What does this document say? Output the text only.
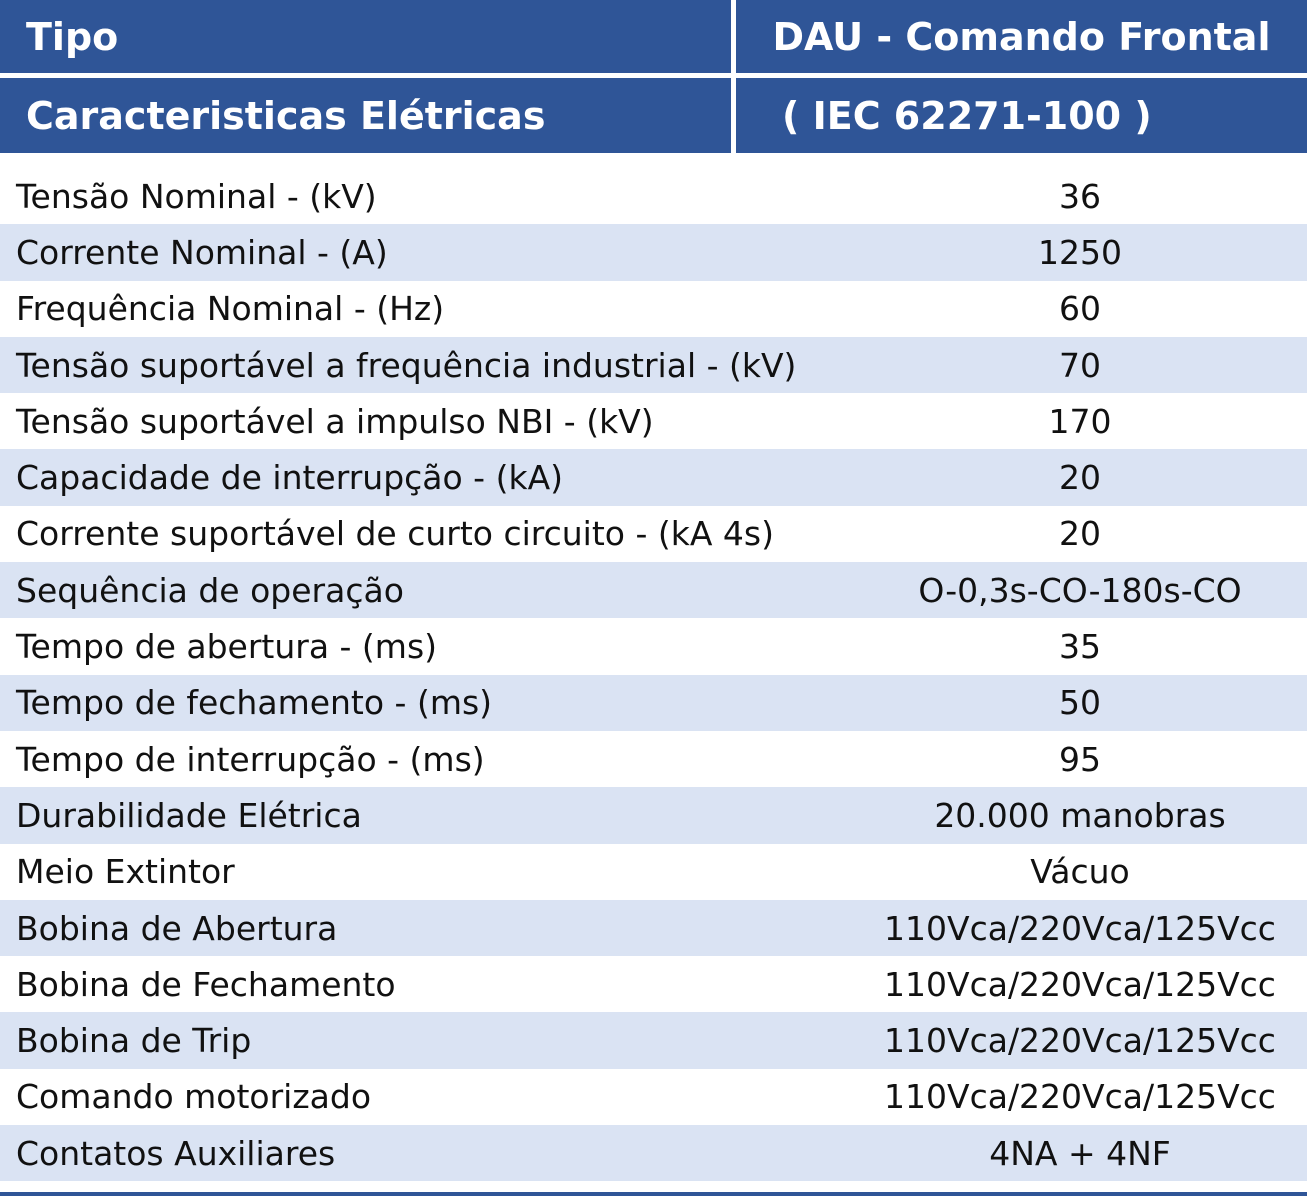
Tipo	DAU - Comando Frontal
Caracteristicas Elétricas	( IEC 62271-100 )
Tensão Nominal - (kV)	36
Corrente Nominal - (A)	1250
Frequência Nominal - (Hz)	60
Tensão suportável a frequência industrial - (kV)	70
Tensão suportável a impulso NBI - (kV)	170
Capacidade de interrupção - (kA)	20
Corrente suportável de curto circuito - (kA 4s)	20
Sequência de operação	O-0,3s-CO-180s-CO
Tempo de abertura - (ms)	35
Tempo de fechamento - (ms)	50
Tempo de interrupção - (ms)	95
Durabilidade Elétrica	20.000 manobras
Meio Extintor	Vácuo
Bobina de Abertura	110Vca/220Vca/125Vcc
Bobina de Fechamento	110Vca/220Vca/125Vcc
Bobina de Trip	110Vca/220Vca/125Vcc
Comando motorizado	110Vca/220Vca/125Vcc
Contatos Auxiliares	4NA + 4NF
